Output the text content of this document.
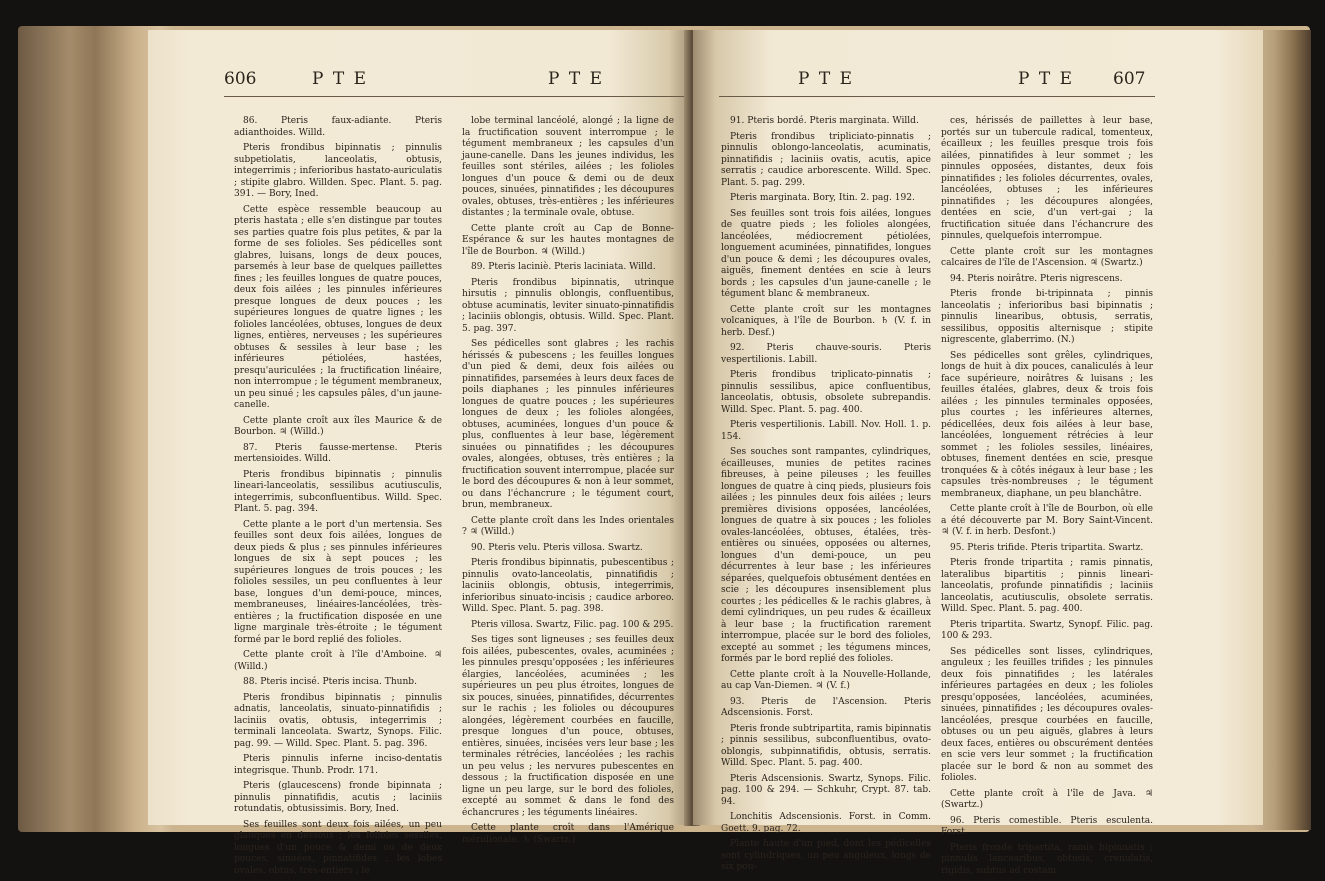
606	P T E	P T E

86. Pteris faux-adiante. Pteris adianthoides. Willd.

Pteris frondibus bipinnatis ; pinnulis subpetiolatis, lanceolatis, obtusis, integerrimis ; inferioribus hastato-auriculatis ; stipite glabro. Willden. Spec. Plant. 5. pag. 391. — Bory, Ined.

Cette espèce ressemble beaucoup au pteris hastata ; elle s'en distingue par toutes ses parties quatre fois plus petites, & par la forme de ses folioles. Ses pédicelles sont glabres, luisans, longs de deux pouces, parsemés à leur base de quelques paillettes fines ; les feuilles longues de quatre pouces, deux fois ailées ; les pinnules inférieures presque longues de deux pouces ; les supérieures longues de quatre lignes ; les folioles lancéolées, obtuses, longues de deux lignes, entières, nerveuses ; les supérieures obtuses & sessiles à leur base ; les inférieures pétiolées, hastées, presqu'auriculées ; la fructification linéaire, non interrompue ; le tégument membraneux, un peu sinué ; les capsules pâles, d'un jaune-canelle.

Cette plante croît aux îles Maurice & de Bourbon. ♃ (Willd.)

87. Pteris fausse-mertense. Pteris mertensioides. Willd.

Pteris frondibus bipinnatis ; pinnulis lineari-lanceolatis, sessilibus acutiusculis, integerrimis, subconfluentibus. Willd. Spec. Plant. 5. pag. 394.

Cette plante a le port d'un mertensia. Ses feuilles sont deux fois ailées, longues de deux pieds & plus ; ses pinnules inférieures longues de six à sept pouces ; les supérieures longues de trois pouces ; les folioles sessiles, un peu confluentes à leur base, longues d'un demi-pouce, minces, membraneuses, linéaires-lancéolées, très-entières ; la fructification disposée en une ligne marginale très-étroite ; le tégument formé par le bord replié des folioles.

Cette plante croît à l'île d'Amboine. ♃ (Willd.)

88. Pteris incisé. Pteris incisa. Thunb.

Pteris frondibus bipinnatis ; pinnulis adnatis, lanceolatis, sinuato-pinnatifidis ; laciniis ovatis, obtusis, integerrimis ; terminali lanceolata. Swartz, Synops. Filic. pag. 99. — Willd. Spec. Plant. 5. pag. 396.

Pteris pinnulis inferne inciso-dentatis integrisque. Thunb. Prodr. 171.

Pteris (glaucescens) fronde bipinnata ; pinnulis pinnatifidis, acutis ; laciniis rotundatis, obtusissimis. Bory, Ined.

Ses feuilles sont deux fois ailées, un peu glauques en dessous ; les folioles sessiles, longues d'un pouce & demi ou de deux pouces, sinuées, pinnatifides ; les lobes ovales, obtus, très-entiers ; le

lobe terminal lancéolé, alongé ; la ligne de la fructification souvent interrompue ; le tégument membraneux ; les capsules d'un jaune-canelle. Dans les jeunes individus, les feuilles sont stériles, ailées ; les folioles longues d'un pouce & demi ou de deux pouces, sinuées, pinnatifides ; les découpures ovales, obtuses, très-entières ; les inférieures distantes ; la terminale ovale, obtuse.

Cette plante croît au Cap de Bonne-Espérance & sur les hautes montagnes de l'île de Bourbon. ♃ (Willd.)

89. Pteris laciniè. Pteris laciniata. Willd.

Pteris frondibus bipinnatis, utrinque hirsutis ; pinnulis oblongis, confluentibus, obtuse acuminatis, leviter sinuato-pinnatifidis ; laciniis oblongis, obtusis. Willd. Spec. Plant. 5. pag. 397.

Ses pédicelles sont glabres ; les rachis hérissés & pubescens ; les feuilles longues d'un pied & demi, deux fois ailées ou pinnatifides, parsemées à leurs deux faces de poils diaphanes ; les pinnules inférieures longues de quatre pouces ; les supérieures longues de deux ; les folioles alongées, obtuses, acuminées, longues d'un pouce & plus, confluentes à leur base, légèrement sinuées ou pinnatifides ; les découpures ovales, alongées, obtuses, très entières ; la fructification souvent interrompue, placée sur le bord des découpures & non à leur sommet, ou dans l'échancrure ; le tégument court, brun, membraneux.

Cette plante croît dans les Indes orientales ? ♃ (Willd.)

90. Pteris velu. Pteris villosa. Swartz.

Pteris frondibus bipinnatis, pubescentibus ; pinnulis ovato-lanceolatis, pinnatifidis ; laciniis oblongis, obtusis, integerrimis, inferioribus sinuato-incisis ; caudice arboreo. Willd. Spec. Plant. 5. pag. 398.

Pteris villosa. Swartz, Filic. pag. 100 & 295.

Ses tiges sont ligneuses ; ses feuilles deux fois ailées, pubescentes, ovales, acuminées ; les pinnules presqu'opposées ; les inférieures élargies, lancéolées, acuminées ; les supérieures un peu plus étroites, longues de six pouces, sinuées, pinnatifides, décurrentes sur le rachis ; les folioles ou découpures alongées, légèrement courbées en faucille, presque longues d'un pouce, obtuses, entières, sinuées, incisées vers leur base ; les terminales rétrécies, lancéolées ; les rachis un peu velus ; les nervures pubescentes en dessous ; la fructification disposée en une ligne un peu large, sur le bord des folioles, excepté au sommet & dans le fond des échancrures ; les téguments linéaires.

Cette plante croît dans l'Amérique méridionale. ♄ (Swartz.)

P T E	P T E 607

91. Pteris bordé. Pteris marginata. Willd.

Pteris frondibus tripliciato-pinnatis ; pinnulis oblongo-lanceolatis, acuminatis, pinnatifidis ; laciniis ovatis, acutis, apice serratis ; caudice arborescente. Willd. Spec. Plant. 5. pag. 299.

Pteris marginata. Bory, Itin. 2. pag. 192.

Ses feuilles sont trois fois ailées, longues de quatre pieds ; les folioles alongées, lancéolées, médiocrement pétiolées, longuement acuminées, pinnatifides, longues d'un pouce & demi ; les découpures ovales, aiguës, finement dentées en scie à leurs bords ; les capsules d'un jaune-canelle ; le tégument blanc & membraneux.

Cette plante croît sur les montagnes volcaniques, à l'île de Bourbon. ♄ (V. f. in herb. Desf.)

92. Pteris chauve-souris. Pteris vespertilionis. Labill.

Pteris frondibus triplicato-pinnatis ; pinnulis sessilibus, apice confluentibus, lanceolatis, obtusis, obsolete subrepandis. Willd. Spec. Plant. 5. pag. 400.

Pteris vespertilionis. Labill. Nov. Holl. 1. p. 154.

Ses souches sont rampantes, cylindriques, écailleuses, munies de petites racines fibreuses, à peine pileuses ; les feuilles longues de quatre à cinq pieds, plusieurs fois ailées ; les pinnules deux fois ailées ; leurs premières divisions opposées, lancéolées, longues de quatre à six pouces ; les folioles ovales-lancéolées, obtuses, étalées, très-entières ou sinuées, opposées ou alternes, longues d'un demi-pouce, un peu décurrentes à leur base ; les inférieures séparées, quelquefois obtusément dentées en scie ; les découpures insensiblement plus courtes ; les pédicelles & le rachis glabres, à demi cylindriques, un peu rudes & écailleux à leur base ; la fructification rarement interrompue, placée sur le bord des folioles, excepté au sommet ; les tégumens minces, formés par le bord replié des folioles.

Cette plante croît à la Nouvelle-Hollande, au cap Van-Diemen. ♃ (V. f.)

93. Pteris de l'Ascension. Pteris Adscensionis. Forst.

Pteris fronde subtripartita, ramis bipinnatis ; pinnis sessilibus, subconfluentibus, ovato-oblongis, subpinnatifidis, obtusis, serratis. Willd. Spec. Plant. 5. pag. 400.

Pteris Adscensionis. Swartz, Synops. Filic. pag. 100 & 294. — Schkuhr, Crypt. 87. tab. 94.

Lonchitis Adscensionis. Forst. in Comm. Goett. 9. pag. 72.

Plante haute d'un pied, dont les pédicelles sont cylindriques, un peu anguleux, longs de six pou-

ces, hérissés de paillettes à leur base, portés sur un tubercule radical, tomenteux, écailleux ; les feuilles presque trois fois ailées, pinnatifides à leur sommet ; les pinnules opposées, distantes, deux fois pinnatifides ; les folioles décurrentes, ovales, lancéolées, obtuses ; les inférieures pinnatifides ; les découpures alongées, dentées en scie, d'un vert-gai ; la fructification située dans l'échancrure des pinnules, quelquefois interrompue.

Cette plante croît sur les montagnes calcaires de l'île de l'Ascension. ♃ (Swartz.)

94. Pteris noirâtre. Pteris nigrescens.

Pteris fronde bi-tripinnata ; pinnis lanceolatis ; inferioribus basi bipinnatis ; pinnulis linearibus, obtusis, serratis, sessilibus, oppositis alternisque ; stipite nigrescente, glaberrimo. (N.)

Ses pédicelles sont grêles, cylindriques, longs de huit à dix pouces, canaliculés à leur face supérieure, noirâtres & luisans ; les feuilles étalées, glabres, deux & trois fois ailées ; les pinnules terminales opposées, plus courtes ; les inférieures alternes, pédicellées, deux fois ailées à leur base, lancéolées, longuement rétrécies à leur sommet ; les folioles sessiles, linéaires, obtuses, finement dentées en scie, presque tronquées & à côtés inégaux à leur base ; les capsules très-nombreuses ; le tégument membraneux, diaphane, un peu blanchâtre.

Cette plante croît à l'île de Bourbon, où elle a été découverte par M. Bory Saint-Vincent. ♃ (V. f. in herb. Desfont.)

95. Pteris trifide. Pteris tripartita. Swartz.

Pteris fronde tripartita ; ramis pinnatis, lateralibus bipartitis ; pinnis lineari-lanceolatis, profunde pinnatifidis ; laciniis lanceolatis, acutiusculis, obsolete serratis. Willd. Spec. Plant. 5. pag. 400.

Pteris tripartita. Swartz, Synopf. Filic. pag. 100 & 293.

Ses pédicelles sont lisses, cylindriques, anguleux ; les feuilles trifides ; les pinnules deux fois pinnatifides ; les latérales inférieures partagées en deux ; les folioles presqu'opposées, lancéolées, acuminées, sinuées, pinnatifides ; les découpures ovales-lancéolées, presque courbées en faucille, obtuses ou un peu aiguës, glabres à leurs deux faces, entières ou obscurément dentées en scie vers leur sommet ; la fructification placée sur le bord & non au sommet des folioles.

Cette plante croît à l'île de Java. ♃ (Swartz.)

96. Pteris comestible. Pteris esculenta. Forst.

Pteris fronde tripartita, ramis bipinnatis ; pinnulis lancearibus, obtusis, crenulatis, rigidis, subtus ad costam
